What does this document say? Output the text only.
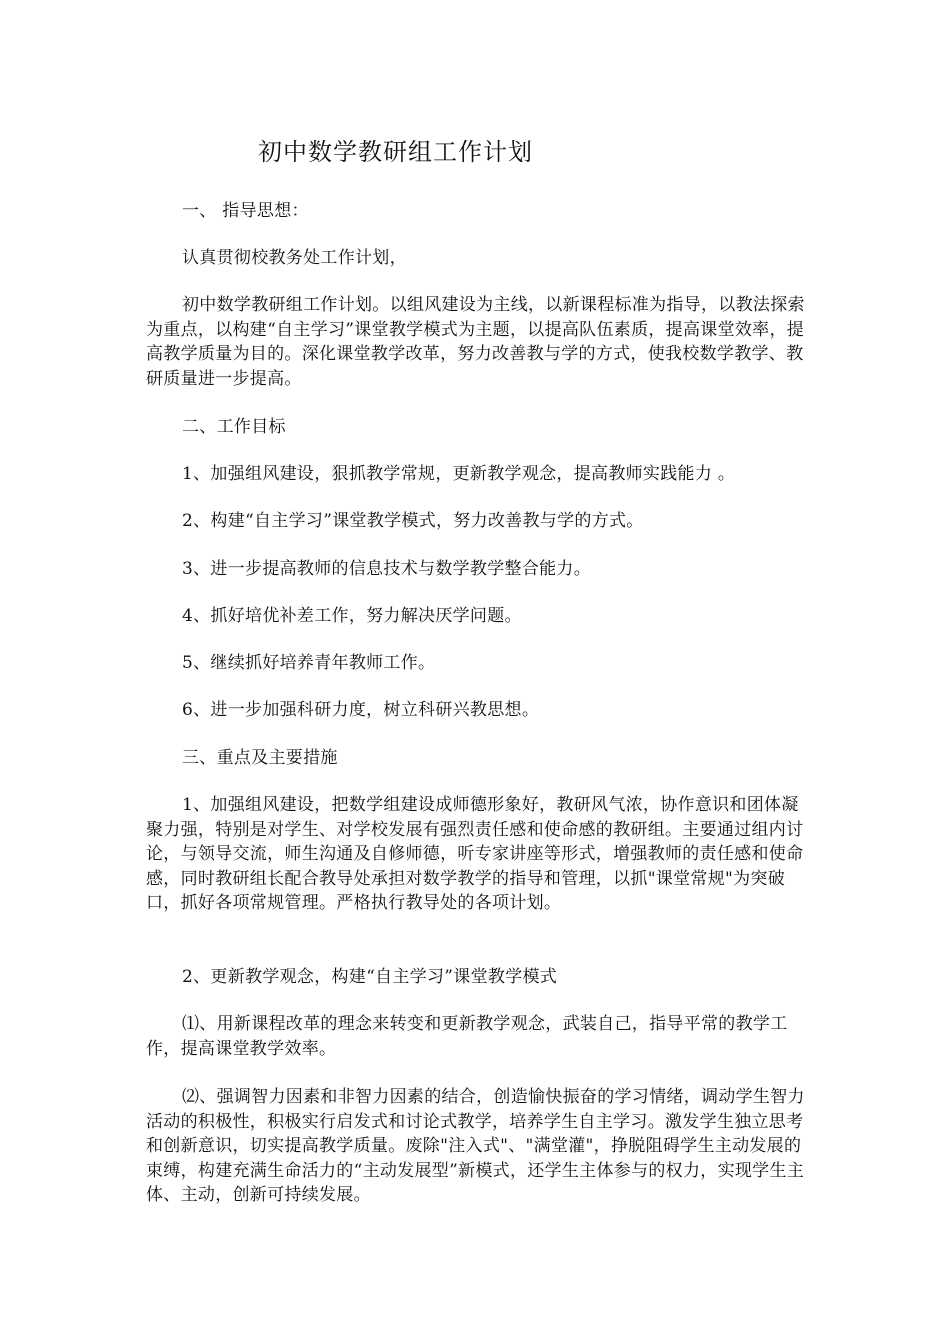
初中数学教研组工作计划
一、 指导思想：
认真贯彻校教务处工作计划，

初中数学教研组工作计划。以组风建设为主线，以新课程标准为指导，以教法探索为重点，以构建“自主学习”课堂教学模式为主题，以提高队伍素质，提高课堂效率，提高教学质量为目的。深化课堂教学改革，努力改善教与学的方式，使我校数学教学、教研质量进一步提高。

二、工作目标
1、加强组风建设，狠抓教学常规，更新教学观念，提高教师实践能力 。
2、构建“自主学习”课堂教学模式，努力改善教与学的方式。
3、进一步提高教师的信息技术与数学教学整合能力。
4、抓好培优补差工作，努力解决厌学问题。
5、继续抓好培养青年教师工作。
6、进一步加强科研力度，树立科研兴教思想。
三、重点及主要措施

1、加强组风建设，把数学组建设成师德形象好，教研风气浓，协作意识和团体凝聚力强，特别是对学生、对学校发展有强烈责任感和使命感的教研组。主要通过组内讨论，与领导交流，师生沟通及自修师德，听专家讲座等形式，增强教师的责任感和使命感，同时教研组长配合教导处承担对数学教学的指导和管理，以抓"课堂常规"为突破口，抓好各项常规管理。严格执行教导处的各项计划。

2、更新教学观念，构建“自主学习”课堂教学模式

⑴、用新课程改革的理念来转变和更新教学观念，武装自己，指导平常的教学工作，提高课堂教学效率。

⑵、强调智力因素和非智力因素的结合，创造愉快振奋的学习情绪，调动学生智力活动的积极性，积极实行启发式和讨论式教学，培养学生自主学习。激发学生独立思考和创新意识，切实提高教学质量。废除"注入式"、"满堂灌"，挣脱阻碍学生主动发展的束缚，构建充满生命活力的“主动发展型”新模式，还学生主体参与的权力，实现学生主体、主动，创新可持续发展。
